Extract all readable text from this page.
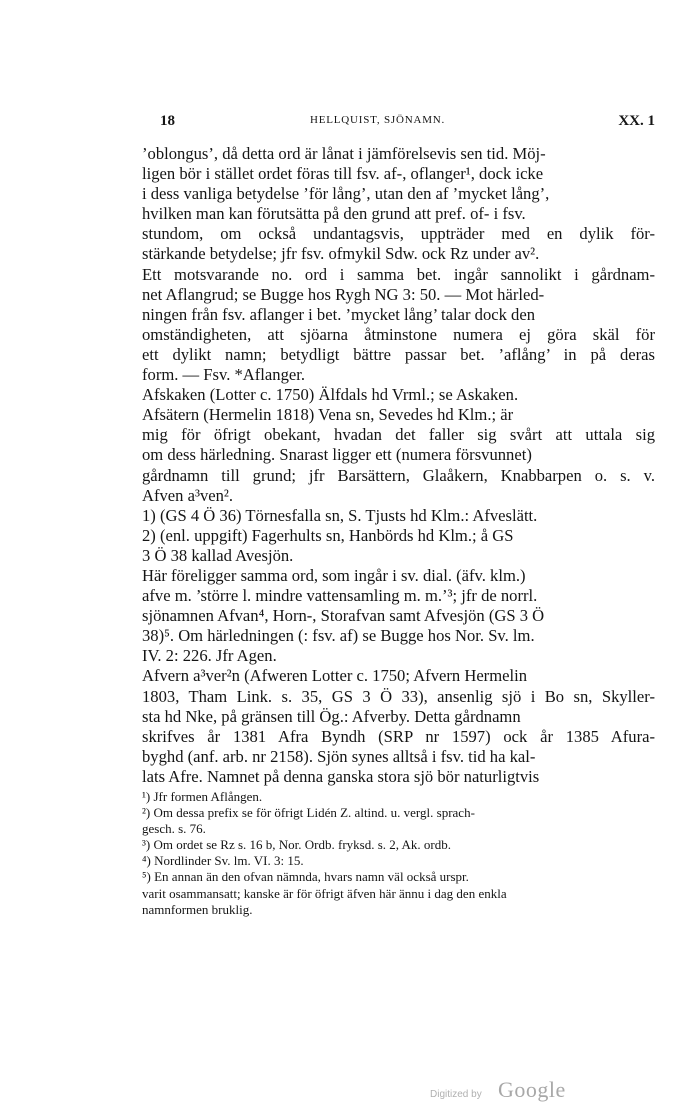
18	HELLQUIST, SJÖNAMN.	XX. 1
’oblongus’, då detta ord är lånat i jämförelsevis sen tid. Möj-
ligen bör i stället ordet föras till fsv. af-, oflanger¹, dock icke
i dess vanliga betydelse ’för lång’, utan den af ’mycket lång’,
hvilken man kan förutsätta på den grund att pref. of- i fsv.
stundom, om också undantagsvis, uppträder med en dylik för-
stärkande betydelse; jfr fsv. ofmykil Sdw. ock Rz under av².
Ett motsvarande no. ord i samma bet. ingår sannolikt i gårdnam-
net Aflangrud; se Bugge hos Rygh NG 3: 50. — Mot härled-
ningen från fsv. aflanger i bet. ’mycket lång’ talar dock den
omständigheten, att sjöarna åtminstone numera ej göra skäl för
ett dylikt namn; betydligt bättre passar bet. ’aflång’ in på deras
form. — Fsv. *Aflanger.
Afskaken (Lotter c. 1750) Älfdals hd Vrml.; se Askaken.
Afsätern (Hermelin 1818) Vena sn, Sevedes hd Klm.; är
mig för öfrigt obekant, hvadan det faller sig svårt att uttala sig
om dess härledning. Snarast ligger ett (numera försvunnet)
gårdnamn till grund; jfr Barsättern, Glaåkern, Knabbarpen o. s. v.
Afven a³ven².
1) (GS 4 Ö 36) Törnesfalla sn, S. Tjusts hd Klm.: Afveslätt.
2) (enl. uppgift) Fagerhults sn, Hanbörds hd Klm.; å GS
3 Ö 38 kallad Avesjön.
Här föreligger samma ord, som ingår i sv. dial. (äfv. klm.)
afve m. ’större l. mindre vattensamling m. m.’³; jfr de norrl.
sjönamnen Afvan⁴, Horn-, Storafvan samt Afvesjön (GS 3 Ö
38)⁵. Om härledningen (: fsv. af) se Bugge hos Nor. Sv. lm.
IV. 2: 226. Jfr Agen.
Afvern a³ver²n (Afweren Lotter c. 1750; Afvern Hermelin
1803, Tham Link. s. 35, GS 3 Ö 33), ansenlig sjö i Bo sn, Skyller-
sta hd Nke, på gränsen till Ög.: Afverby. Detta gårdnamn
skrifves år 1381 Afra Byndh (SRP nr 1597) ock år 1385 Afura-
byghd (anf. arb. nr 2158). Sjön synes alltså i fsv. tid ha kal-
lats Afre. Namnet på denna ganska stora sjö bör naturligtvis
¹) Jfr formen Aflången.
²) Om dessa prefix se för öfrigt Lidén Z. altind. u. vergl. sprach-
gesch. s. 76.
³) Om ordet se Rz s. 16 b, Nor. Ordb. fryksd. s. 2, Ak. ordb.
⁴) Nordlinder Sv. lm. VI. 3: 15.
⁵) En annan än den ofvan nämnda, hvars namn väl också urspr.
varit osammansatt; kanske är för öfrigt äfven här ännu i dag den enkla
namnformen bruklig.
Digitized by Google
